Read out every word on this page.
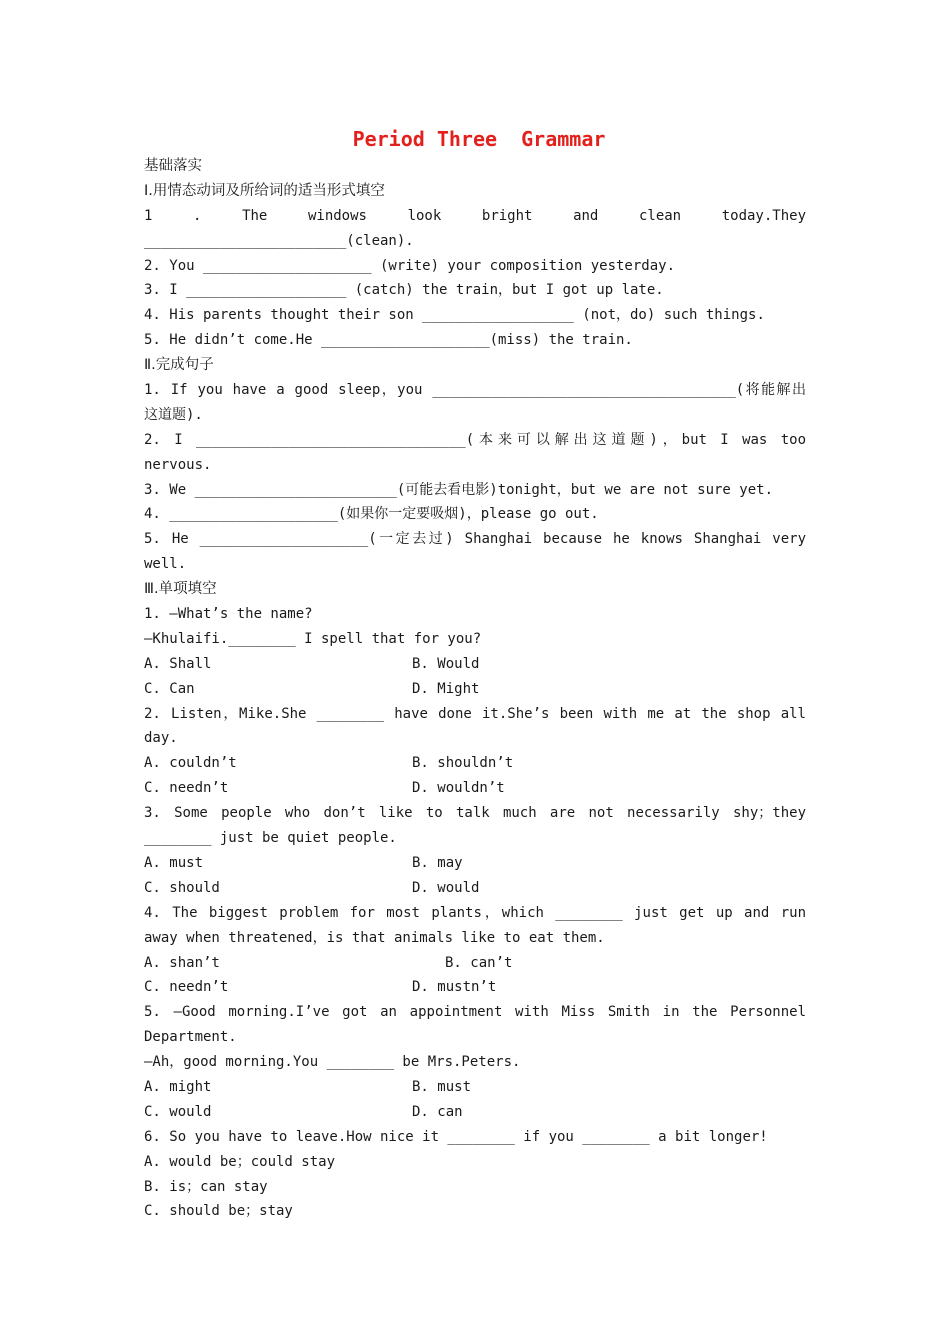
Period Three  Grammar
基础落实
Ⅰ.用情态动词及所给词的适当形式填空
1 . The windows look bright and clean today.They
________________________(clean).
2. You ____________________ (write) your composition yesterday.
3. I ___________________ (catch) the train，but I got up late.
4. His parents thought their son __________________ (not，do) such things.
5. He didn’t come.He ____________________(miss) the train.
Ⅱ.完成句子
1. If you have a good sleep，you ____________________________________(将能解出
这道题).
2. I ________________________________(本来可以解出这道题)，but I was too
nervous.
3. We ________________________(可能去看电影)tonight，but we are not sure yet.
4. ____________________(如果你一定要吸烟)，please go out.
5. He ____________________(一定去过) Shanghai because he knows Shanghai very
well.
Ⅲ.单项填空
1. —What’s the name?
—Khulaifi.________ I spell that for you?
A. Shall	B. Would
C. Can	D. Might
2. Listen，Mike.She ________ have done it.She’s been with me at the shop all
day.
A. couldn’t	B. shouldn’t
C. needn’t	D. wouldn’t
3. Some people who don’t like to talk much are not necessarily shy；they
________ just be quiet people.
A. must	B. may
C. should	D. would
4. The biggest problem for most plants，which ________ just get up and run
away when threatened，is that animals like to eat them.
A. shan’t	B. can’t
C. needn’t	D. mustn’t
5. —Good morning.I’ve got an appointment with Miss Smith in the Personnel
Department.
—Ah，good morning.You ________ be Mrs.Peters.
A. might	B. must
C. would	D. can
6. So you have to leave.How nice it ________ if you ________ a bit longer!
A. would be；could stay
B. is；can stay
C. should be；stay
